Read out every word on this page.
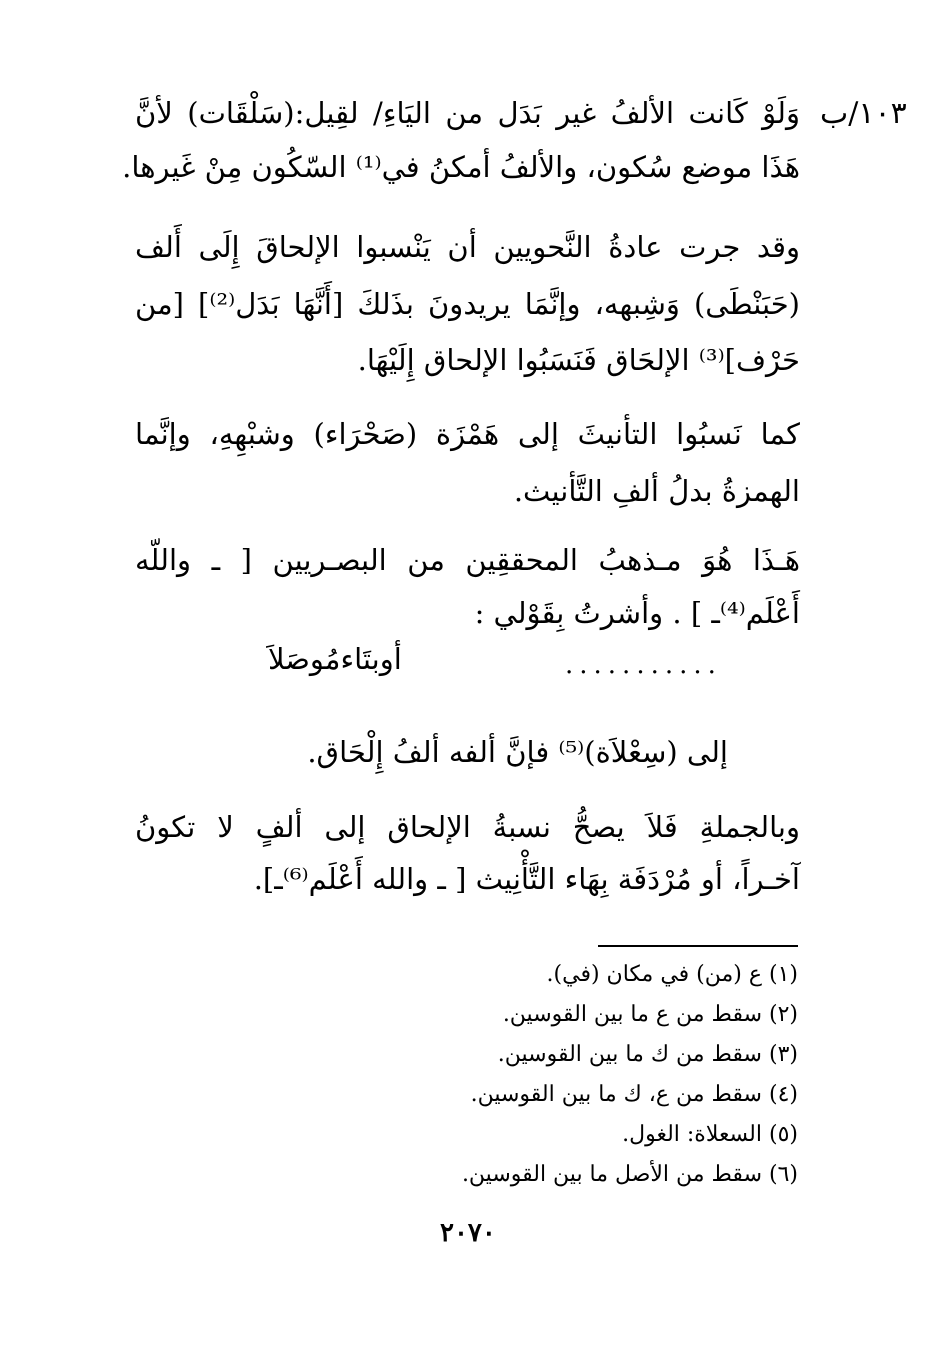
١٠٣/ب
وَلَوْ كَانت الألفُ غير بَدَل من اليَاءِ/ لقِيل:(سَلْقَات) لأنَّ
هَذَا موضع سُكون، والألفُ أمكنُ في⁽¹⁾ السّكُون مِنْ غَيرها.
وقد جرت عادةُ النَّحويين أن يَنْسبوا الإلحاقَ إِلَى أَلف
(حَبَنْطَى) وَشِبهه، وإنَّمَا يريدونَ بذَلكَ [أَنَّهَا بَدَل⁽²⁾] [من
حَرْف]⁽³⁾ الإلحَاق فَنَسَبُوا الإلحاق إِلَيْهَا.
كما نَسبُوا التأنيثَ إلى هَمْزَة (صَحْرَاء) وشبْهِهِ، وإنَّما
الهمزةُ بدلُ ألفِ التَّأنيث.
هَـذَا هُوَ مـذهبُ المحققِين من البصـريين [ ـ واللّه
أَعْلَم⁽⁴⁾ـ ] . وأشرتُ بِقَوْلي :
...........
أوبتَاءمُوصَلاَ
إلى (سِعْلاَة)⁽⁵⁾ فإنَّ ألفه ألفُ إِلْحَاق.
وبالجملةِ فَلاَ يصحُّ نسبةُ الإلحاق إلى ألفٍ لا تكونُ
آخـراً، أو مُرْدَفَة بِهَاء التَّأْنِيث [ ـ والله أَعْلَم⁽⁶⁾ـ].
(١) ع (من) في مكان (في).
(٢) سقط من ع ما بين القوسين.
(٣) سقط من ك ما بين القوسين.
(٤) سقط من ع، ك ما بين القوسين.
(٥) السعلاة: الغول.
(٦) سقط من الأصل ما بين القوسين.
٢٠٧٠
